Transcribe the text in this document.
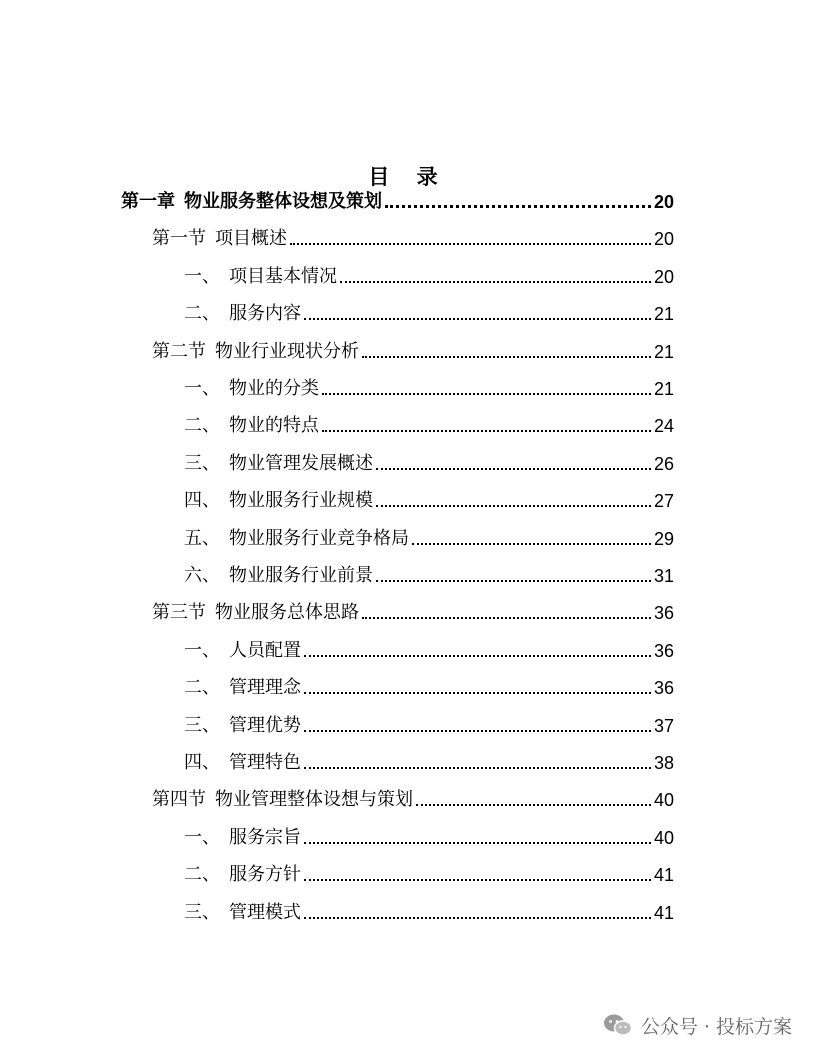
目 录
第一章 物业服务整体设想及策划	20
第一节 项目概述	20
一、 项目基本情况	20
二、 服务内容	21
第二节 物业行业现状分析	21
一、 物业的分类	21
二、 物业的特点	24
三、 物业管理发展概述	26
四、 物业服务行业规模	27
五、 物业服务行业竞争格局	29
六、 物业服务行业前景	31
第三节 物业服务总体思路	36
一、 人员配置	36
二、 管理理念	36
三、 管理优势	37
四、 管理特色	38
第四节 物业管理整体设想与策划	40
一、 服务宗旨	40
二、 服务方针	41
三、 管理模式	41
公众号 · 投标方案
